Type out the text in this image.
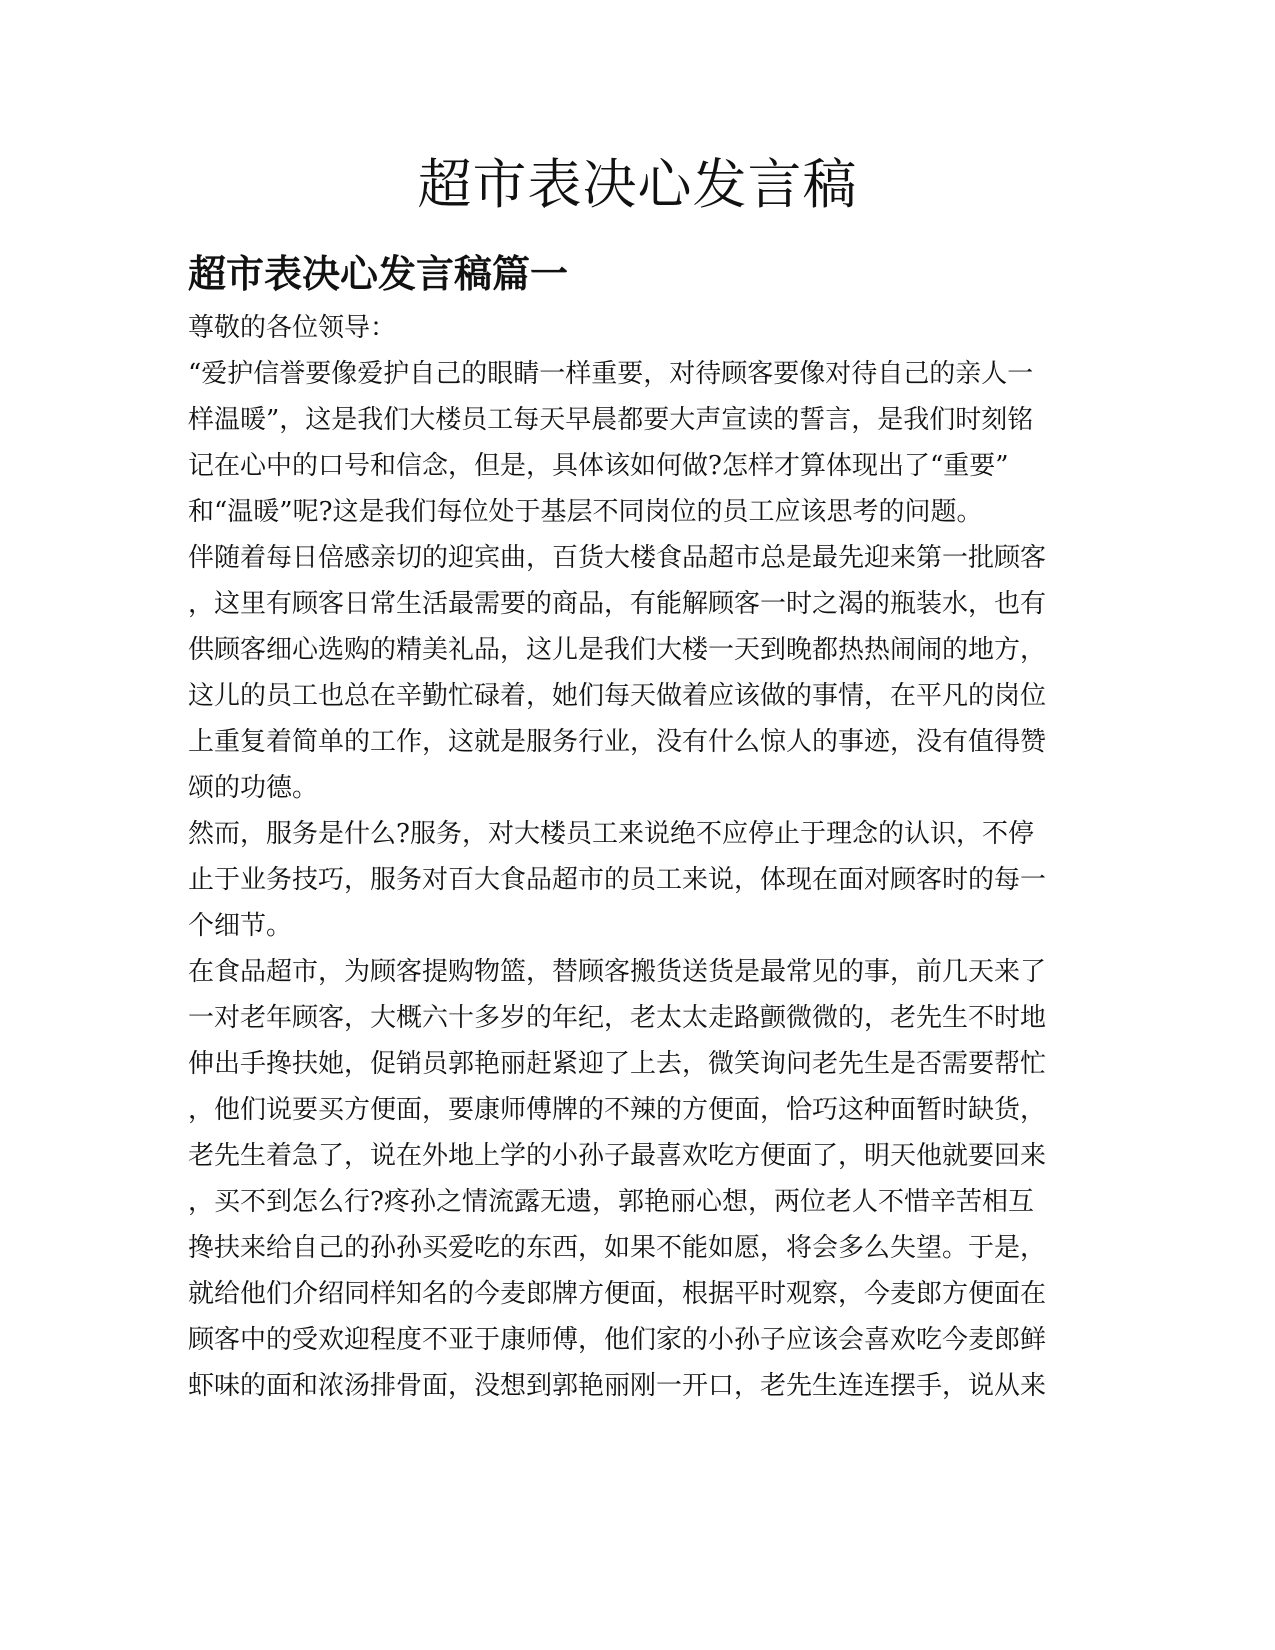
超市表决心发言稿
超市表决心发言稿篇一
尊敬的各位领导：
“爱护信誉要像爱护自己的眼睛一样重要，对待顾客要像对待自己的亲人一
样温暖”，这是我们大楼员工每天早晨都要大声宣读的誓言，是我们时刻铭
记在心中的口号和信念，但是，具体该如何做?怎样才算体现出了“重要”
和“温暖”呢?这是我们每位处于基层不同岗位的员工应该思考的问题。
伴随着每日倍感亲切的迎宾曲，百货大楼食品超市总是最先迎来第一批顾客
，这里有顾客日常生活最需要的商品，有能解顾客一时之渴的瓶装水，也有
供顾客细心选购的精美礼品，这儿是我们大楼一天到晚都热热闹闹的地方，
这儿的员工也总在辛勤忙碌着，她们每天做着应该做的事情，在平凡的岗位
上重复着简单的工作，这就是服务行业，没有什么惊人的事迹，没有值得赞
颂的功德。
然而，服务是什么?服务，对大楼员工来说绝不应停止于理念的认识，不停
止于业务技巧，服务对百大食品超市的员工来说，体现在面对顾客时的每一
个细节。
在食品超市，为顾客提购物篮，替顾客搬货送货是最常见的事，前几天来了
一对老年顾客，大概六十多岁的年纪，老太太走路颤微微的，老先生不时地
伸出手搀扶她，促销员郭艳丽赶紧迎了上去，微笑询问老先生是否需要帮忙
，他们说要买方便面，要康师傅牌的不辣的方便面，恰巧这种面暂时缺货，
老先生着急了，说在外地上学的小孙子最喜欢吃方便面了，明天他就要回来
，买不到怎么行?疼孙之情流露无遗，郭艳丽心想，两位老人不惜辛苦相互
搀扶来给自己的孙孙买爱吃的东西，如果不能如愿，将会多么失望。于是，
就给他们介绍同样知名的今麦郎牌方便面，根据平时观察，今麦郎方便面在
顾客中的受欢迎程度不亚于康师傅，他们家的小孙子应该会喜欢吃今麦郎鲜
虾味的面和浓汤排骨面，没想到郭艳丽刚一开口，老先生连连摆手，说从来
